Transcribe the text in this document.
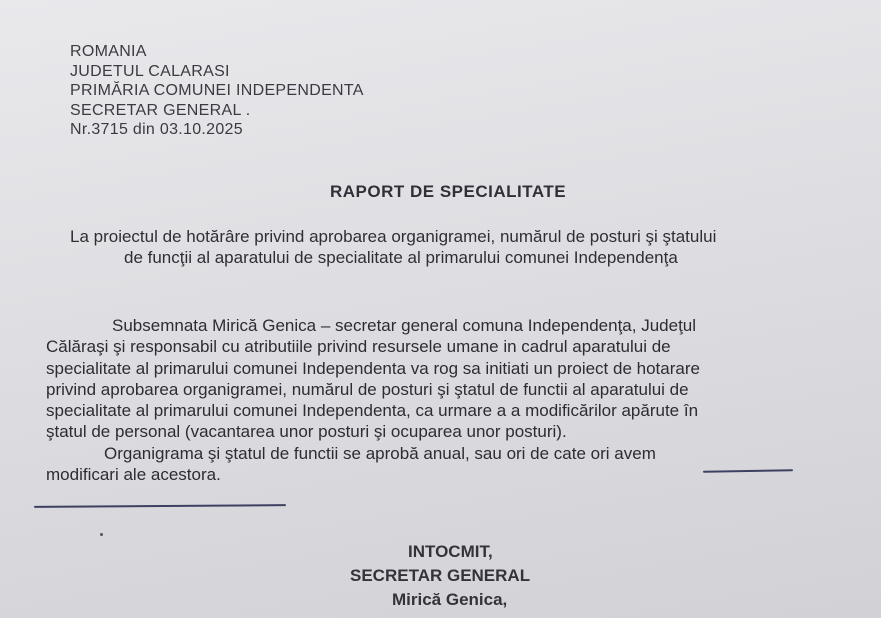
ROMANIA
JUDETUL CALARASI
PRIMĂRIA COMUNEI INDEPENDENTA
SECRETAR GENERAL .
Nr.3715 din 03.10.2025
RAPORT DE SPECIALITATE
La proiectul de hotărâre privind aprobarea organigramei, numărul de posturi şi ştatului
de funcţii al aparatului de specialitate al primarului comunei Independenţa
Subsemnata Mirică Genica – secretar general comuna Independenţa, Judeţul
Călăraşi şi responsabil cu atributiile privind resursele umane in cadrul aparatului de
specialitate al primarului comunei Independenta va rog sa initiati un proiect de hotarare
privind aprobarea organigramei, numărul de posturi şi ştatul de functii al aparatului de
specialitate al primarului comunei Independenta, ca urmare a a modificărilor apărute în
ştatul de personal (vacantarea unor posturi şi ocuparea unor posturi).
Organigrama şi ştatul de functii se aprobă anual, sau ori de cate ori avem
modificari ale acestora.
INTOCMIT,
SECRETAR GENERAL
Mirică Genica,
